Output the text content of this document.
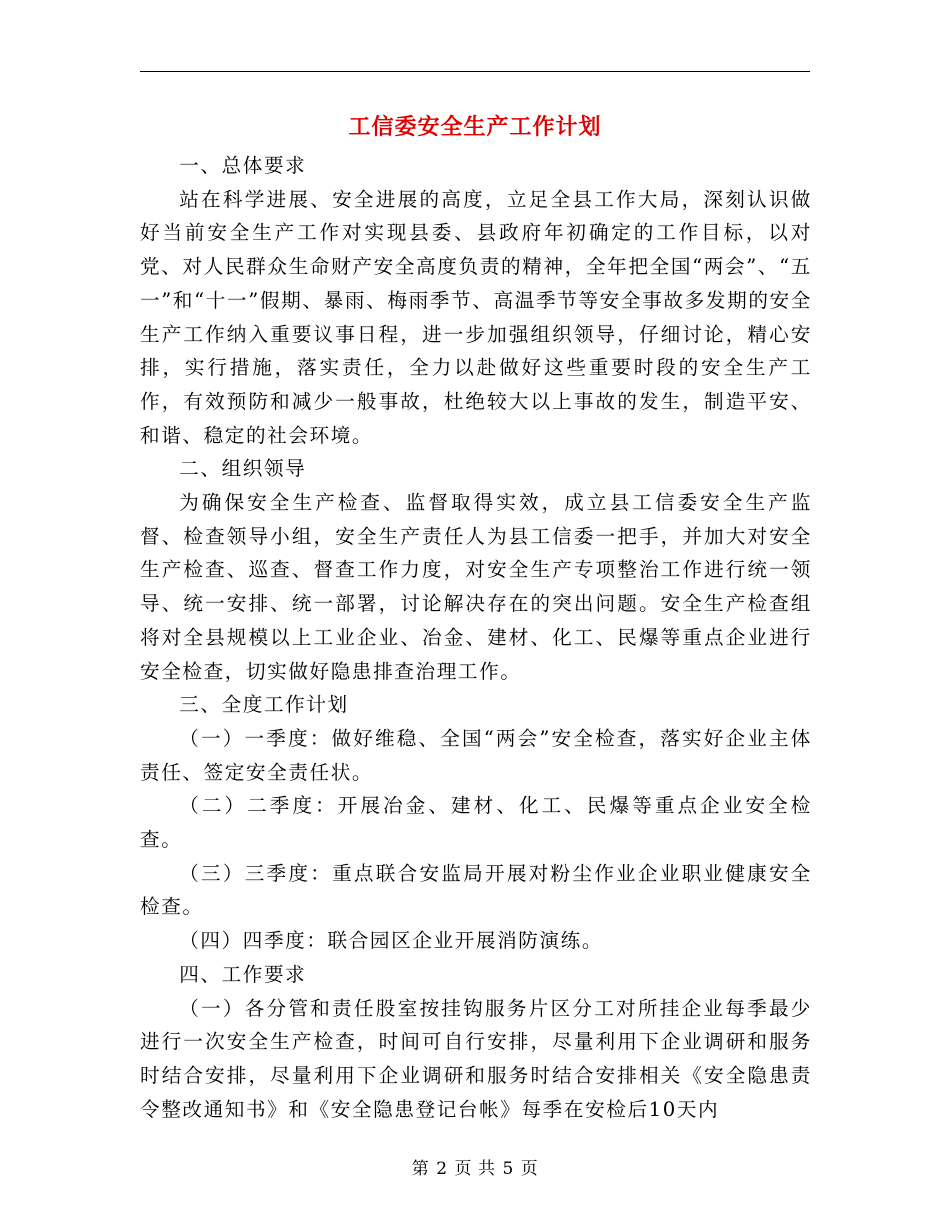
工信委安全生产工作计划

一、总体要求

站在科学进展、安全进展的高度，立足全县工作大局，深刻认识做好当前安全生产工作对实现县委、县政府年初确定的工作目标，以对党、对人民群众生命财产安全高度负责的精神，全年把全国“两会”、“五一”和“十一”假期、暴雨、梅雨季节、高温季节等安全事故多发期的安全生产工作纳入重要议事日程，进一步加强组织领导，仔细讨论，精心安排，实行措施，落实责任，全力以赴做好这些重要时段的安全生产工作，有效预防和减少一般事故，杜绝较大以上事故的发生，制造平安、和谐、稳定的社会环境。

二、组织领导

为确保安全生产检查、监督取得实效，成立县工信委安全生产监督、检查领导小组，安全生产责任人为县工信委一把手，并加大对安全生产检查、巡查、督查工作力度，对安全生产专项整治工作进行统一领导、统一安排、统一部署，讨论解决存在的突出问题。安全生产检查组将对全县规模以上工业企业、冶金、建材、化工、民爆等重点企业进行安全检查，切实做好隐患排查治理工作。

三、全度工作计划

（一）一季度：做好维稳、全国“两会”安全检查，落实好企业主体责任、签定安全责任状。

（二）二季度：开展冶金、建材、化工、民爆等重点企业安全检查。

（三）三季度：重点联合安监局开展对粉尘作业企业职业健康安全检查。

（四）四季度：联合园区企业开展消防演练。

四、工作要求

（一）各分管和责任股室按挂钩服务片区分工对所挂企业每季最少进行一次安全生产检查，时间可自行安排，尽量利用下企业调研和服务时结合安排，尽量利用下企业调研和服务时结合安排相关《安全隐患责令整改通知书》和《安全隐患登记台帐》每季在安检后10天内

第 2 页 共 5 页
